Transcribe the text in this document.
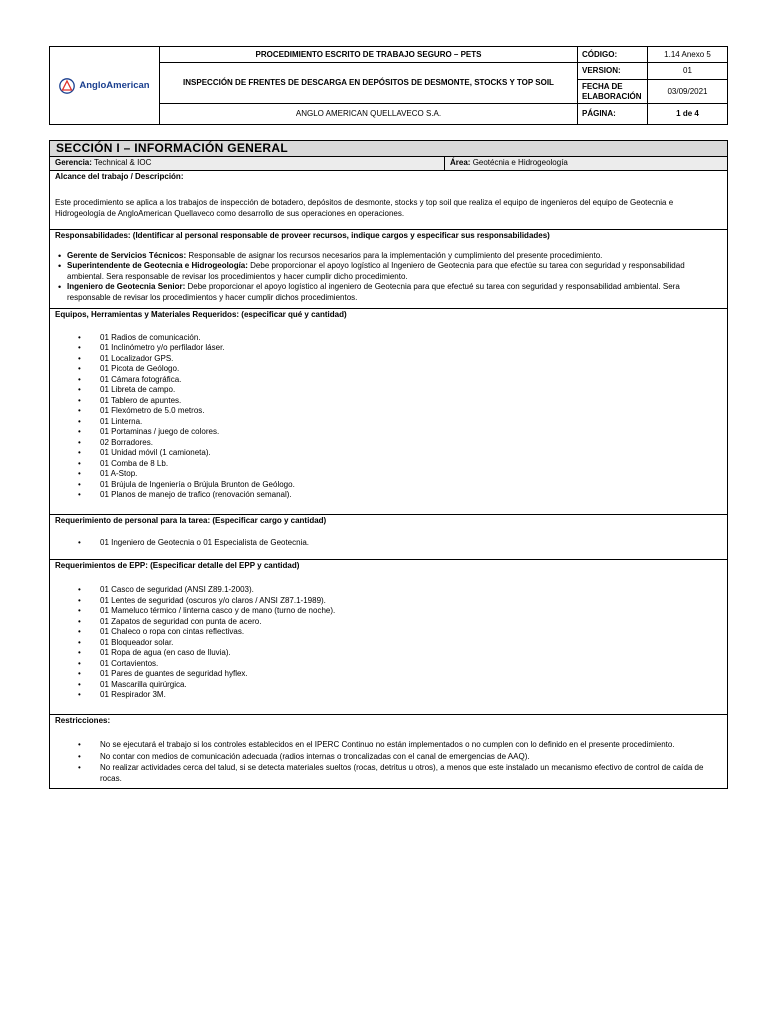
AngloAmerican	PROCEDIMIENTO ESCRITO DE TRABAJO SEGURO – PETS	CÓDIGO:	1.14 Anexo 5
	INSPECCIÓN DE FRENTES DE DESCARGA EN DEPÓSITOS DE DESMONTE, STOCKS Y TOP SOIL	VERSION:	01
		FECHA DE
ELABORACIÓN	03/09/2021
	ANGLO AMERICAN QUELLAVECO S.A.	PÁGINA:	1 de 4
SECCIÓN I – INFORMACIÓN GENERAL
Gerencia: Technical & IOC	Área: Geotécnia e Hidrogeología

Alcance del trabajo / Descripción:

Este procedimiento se aplica a los trabajos de inspección de botadero, depósitos de desmonte, stocks y top soil que realiza el equipo de ingenieros del equipo de Geotecnia e Hidrogeología de AngloAmerican Quellaveco como desarrollo de sus operaciones en operaciones.

Responsabilidades: (Identificar al personal responsable de proveer recursos, indique cargos y especificar sus responsabilidades)

• Gerente de Servicios Técnicos: Responsable de asignar los recursos necesarios para la implementación y cumplimiento del presente procedimiento.
• Superintendente de Geotecnia e Hidrogeología: Debe proporcionar el apoyo logístico al Ingeniero de Geotecnia para que efectúe su tarea con seguridad y responsabilidad ambiental. Sera responsable de revisar los procedimientos y hacer cumplir dicho procedimiento.
• Ingeniero de Geotecnia Senior: Debe proporcionar el apoyo logístico al ingeniero de Geotecnia para que efectué su tarea con seguridad y responsabilidad ambiental. Sera responsable de revisar los procedimientos y hacer cumplir dichos procedimientos.

Equipos, Herramientas y Materiales Requeridos: (especificar qué y cantidad)

• 01 Radios de comunicación.
• 01 Inclinómetro y/o perfilador láser.
• 01 Localizador GPS.
• 01 Picota de Geólogo.
• 01 Cámara fotográfica.
• 01 Libreta de campo.
• 01 Tablero de apuntes.
• 01 Flexómetro de 5.0 metros.
• 01 Linterna.
• 01 Portaminas / juego de colores.
• 02 Borradores.
• 01 Unidad móvil (1 camioneta).
• 01 Comba de 8 Lb.
• 01 A-Stop.
• 01 Brújula de Ingeniería o Brújula Brunton de Geólogo.
• 01 Planos de manejo de trafico (renovación semanal).

Requerimiento de personal para la tarea: (Especificar cargo y cantidad)

• 01 Ingeniero de Geotecnia o 01 Especialista de Geotecnia.

Requerimientos de EPP: (Especificar detalle del EPP y cantidad)

• 01 Casco de seguridad (ANSI Z89.1-2003).
• 01 Lentes de seguridad (oscuros y/o claros / ANSI Z87.1-1989).
• 01 Mameluco térmico / linterna casco y de mano (turno de noche).
• 01 Zapatos de seguridad con punta de acero.
• 01 Chaleco o ropa con cintas reflectivas.
• 01 Bloqueador solar.
• 01 Ropa de agua (en caso de lluvia).
• 01 Cortavientos.
• 01 Pares de guantes de seguridad hyflex.
• 01 Mascarilla quirúrgica.
• 01 Respirador 3M.

Restricciones:

• No se ejecutará el trabajo si los controles establecidos en el IPERC Continuo no están implementados o no cumplen con lo definido en el presente procedimiento.
• No contar con medios de comunicación adecuada (radios internas o troncalizadas con el canal de emergencias de AAQ).
• No realizar actividades cerca del talud, si se detecta materiales sueltos (rocas, detritus u otros), a menos que este instalado un mecanismo efectivo de control de caída de rocas.
